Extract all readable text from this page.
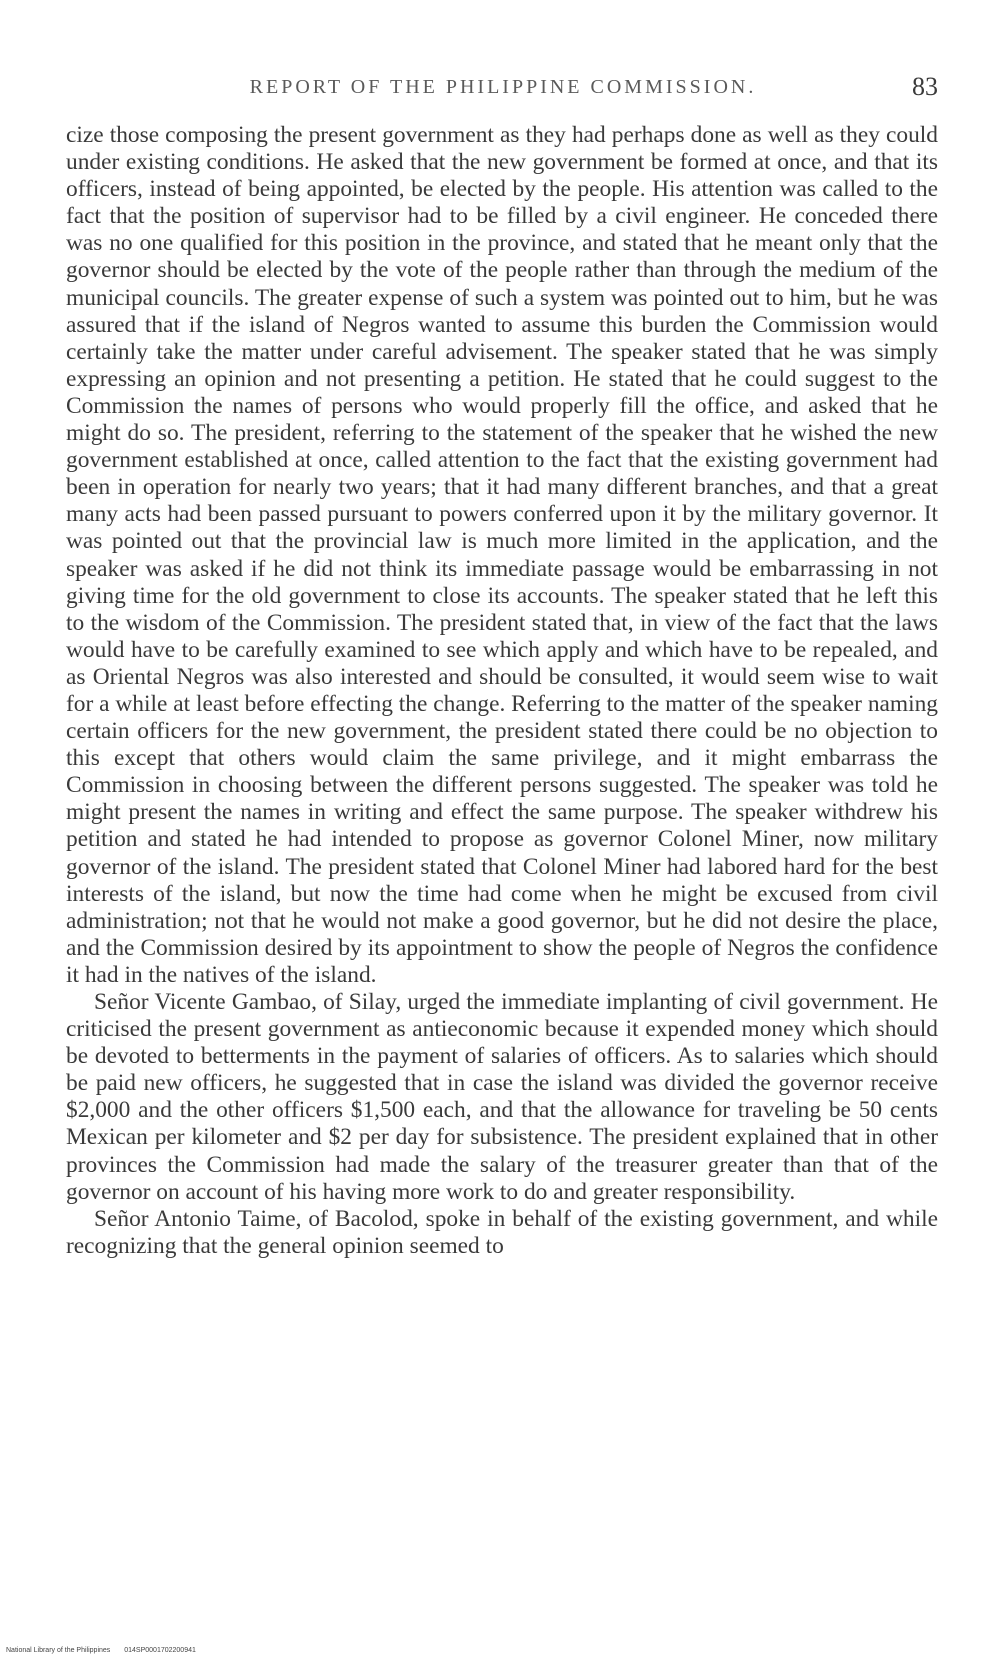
REPORT OF THE PHILIPPINE COMMISSION.	83

cize those composing the present government as they had perhaps done as well as they could under existing conditions. He asked that the new government be formed at once, and that its officers, instead of being appointed, be elected by the people. His attention was called to the fact that the position of supervisor had to be filled by a civil engineer. He conceded there was no one qualified for this position in the province, and stated that he meant only that the governor should be elected by the vote of the people rather than through the medium of the municipal councils. The greater expense of such a system was pointed out to him, but he was assured that if the island of Negros wanted to assume this burden the Commission would certainly take the matter under careful advisement. The speaker stated that he was simply expressing an opinion and not presenting a petition. He stated that he could suggest to the Commission the names of persons who would properly fill the office, and asked that he might do so. The president, referring to the statement of the speaker that he wished the new government established at once, called attention to the fact that the existing government had been in operation for nearly two years; that it had many different branches, and that a great many acts had been passed pursuant to powers conferred upon it by the military governor. It was pointed out that the provincial law is much more limited in the application, and the speaker was asked if he did not think its immediate passage would be embarrassing in not giving time for the old government to close its accounts. The speaker stated that he left this to the wisdom of the Commission. The president stated that, in view of the fact that the laws would have to be carefully examined to see which apply and which have to be repealed, and as Oriental Negros was also interested and should be consulted, it would seem wise to wait for a while at least before effecting the change. Referring to the matter of the speaker naming certain officers for the new government, the president stated there could be no objection to this except that others would claim the same privilege, and it might embarrass the Commission in choosing between the different persons suggested. The speaker was told he might present the names in writing and effect the same purpose. The speaker withdrew his petition and stated he had intended to propose as governor Colonel Miner, now military governor of the island. The president stated that Colonel Miner had labored hard for the best interests of the island, but now the time had come when he might be excused from civil administration; not that he would not make a good governor, but he did not desire the place, and the Commission desired by its appointment to show the people of Negros the confidence it had in the natives of the island.

Señor Vicente Gambao, of Silay, urged the immediate implanting of civil government. He criticised the present government as antieconomic because it expended money which should be devoted to betterments in the payment of salaries of officers. As to salaries which should be paid new officers, he suggested that in case the island was divided the governor receive $2,000 and the other officers $1,500 each, and that the allowance for traveling be 50 cents Mexican per kilometer and $2 per day for subsistence. The president explained that in other provinces the Commission had made the salary of the treasurer greater than that of the governor on account of his having more work to do and greater responsibility.

Señor Antonio Taime, of Bacolod, spoke in behalf of the existing government, and while recognizing that the general opinion seemed to

National Library of the Philippines 014SP0001702200941
